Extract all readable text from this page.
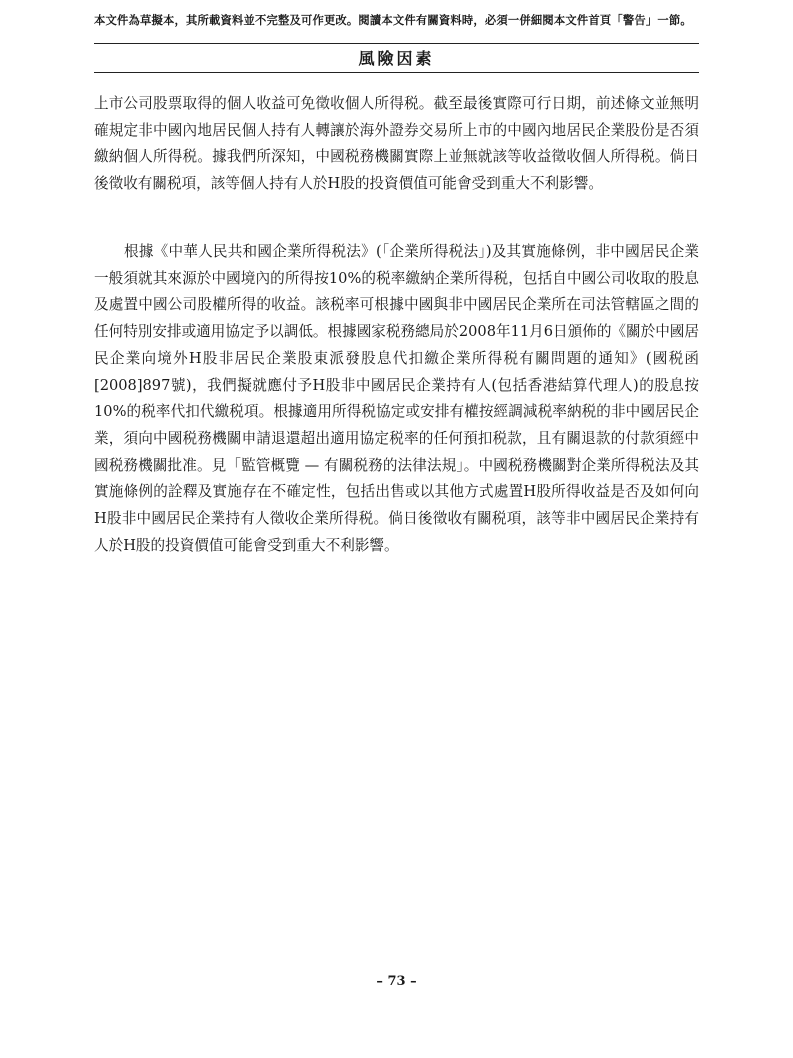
本文件為草擬本，其所載資料並不完整及可作更改。閱讀本文件有關資料時，必須一併細閱本文件首頁「警告」一節。
風險因素

上市公司股票取得的個人收益可免徵收個人所得税。截至最後實際可行日期，前述條文並無明確規定非中國內地居民個人持有人轉讓於海外證券交易所上市的中國內地居民企業股份是否須繳納個人所得税。據我們所深知，中國税務機關實際上並無就該等收益徵收個人所得税。倘日後徵收有關税項，該等個人持有人於H股的投資價值可能會受到重大不利影響。

根據《中華人民共和國企業所得税法》(「企業所得税法」)及其實施條例，非中國居民企業一般須就其來源於中國境內的所得按10%的税率繳納企業所得税，包括自中國公司收取的股息及處置中國公司股權所得的收益。該税率可根據中國與非中國居民企業所在司法管轄區之間的任何特別安排或適用協定予以調低。根據國家税務總局於2008年11月6日頒佈的《關於中國居民企業向境外H股非居民企業股東派發股息代扣繳企業所得税有關問題的通知》(國税函[2008]897號)，我們擬就應付予H股非中國居民企業持有人(包括香港結算代理人)的股息按10%的税率代扣代繳税項。根據適用所得税協定或安排有權按經調減税率納税的非中國居民企業，須向中國税務機關申請退還超出適用協定税率的任何預扣税款，且有關退款的付款須經中國税務機關批准。見「監管概覽 — 有關税務的法律法規」。中國税務機關對企業所得税法及其實施條例的詮釋及實施存在不確定性，包括出售或以其他方式處置H股所得收益是否及如何向H股非中國居民企業持有人徵收企業所得税。倘日後徵收有關税項，該等非中國居民企業持有人於H股的投資價值可能會受到重大不利影響。

– 73 –
